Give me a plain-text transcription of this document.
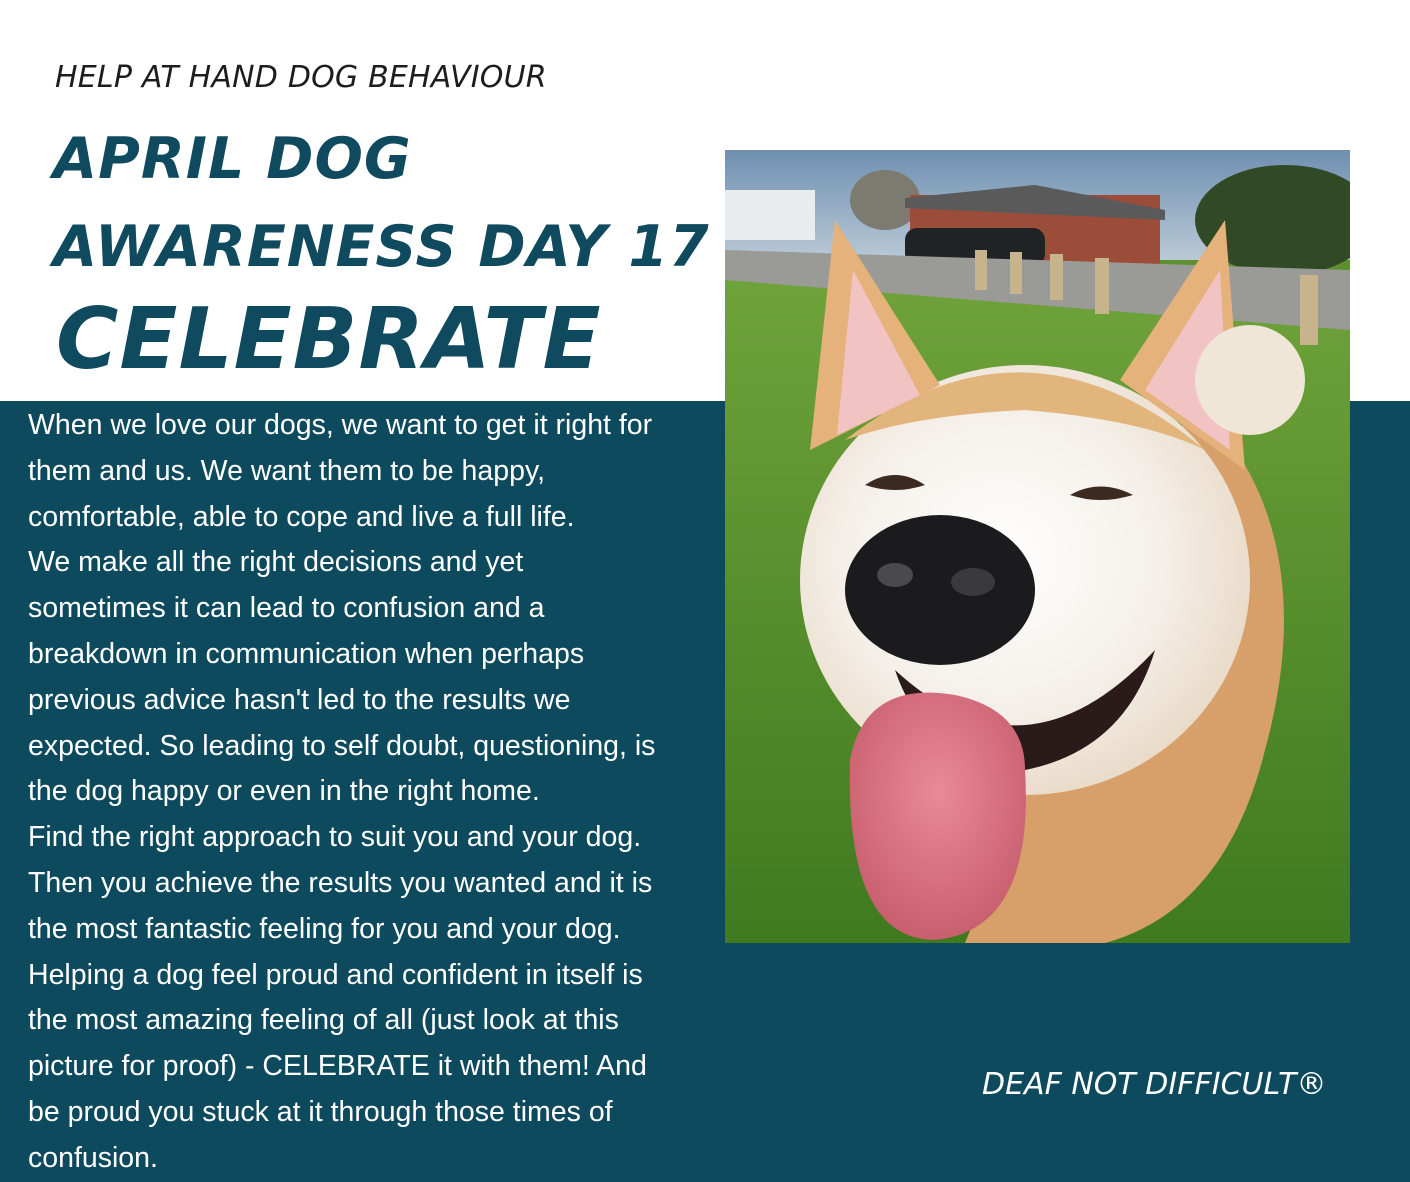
HELP AT HAND DOG BEHAVIOUR
APRIL DOG
AWARENESS DAY 17
CELEBRATE
When we love our dogs, we want to get it right for
them and us. We want them to be happy,
comfortable, able to cope and live a full life.
We make all the right decisions and yet
sometimes it can lead to confusion and a
breakdown in communication when perhaps
previous advice hasn't led to the results we
expected. So leading to self doubt, questioning, is
the dog happy or even in the right home.
Find the right approach to suit you and your dog.
Then you achieve the results you wanted and it is
the most fantastic feeling for you and your dog.
Helping a dog feel proud and confident in itself is
the most amazing feeling of all (just look at this
picture for proof) - CELEBRATE it with them! And
be proud you stuck at it through those times of
confusion.
DEAF NOT DIFFICULT®
